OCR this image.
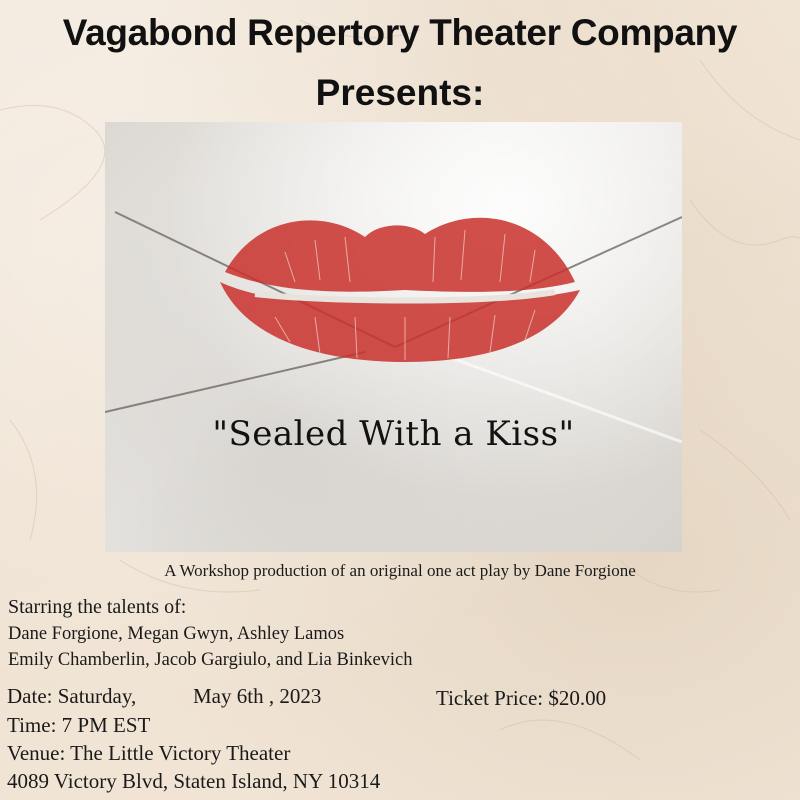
Vagabond Repertory Theater Company
Presents:
"Sealed With a Kiss"
A Workshop production of an original one act play by Dane Forgione
Starring the talents of:
Dane Forgione, Megan Gwyn, Ashley Lamos
Emily Chamberlin, Jacob Gargiulo, and Lia Binkevich
Date: Saturday,	May 6th , 2023	Ticket Price: $20.00
Time: 7 PM EST
Venue: The Little Victory Theater
4089 Victory Blvd, Staten Island, NY 10314
